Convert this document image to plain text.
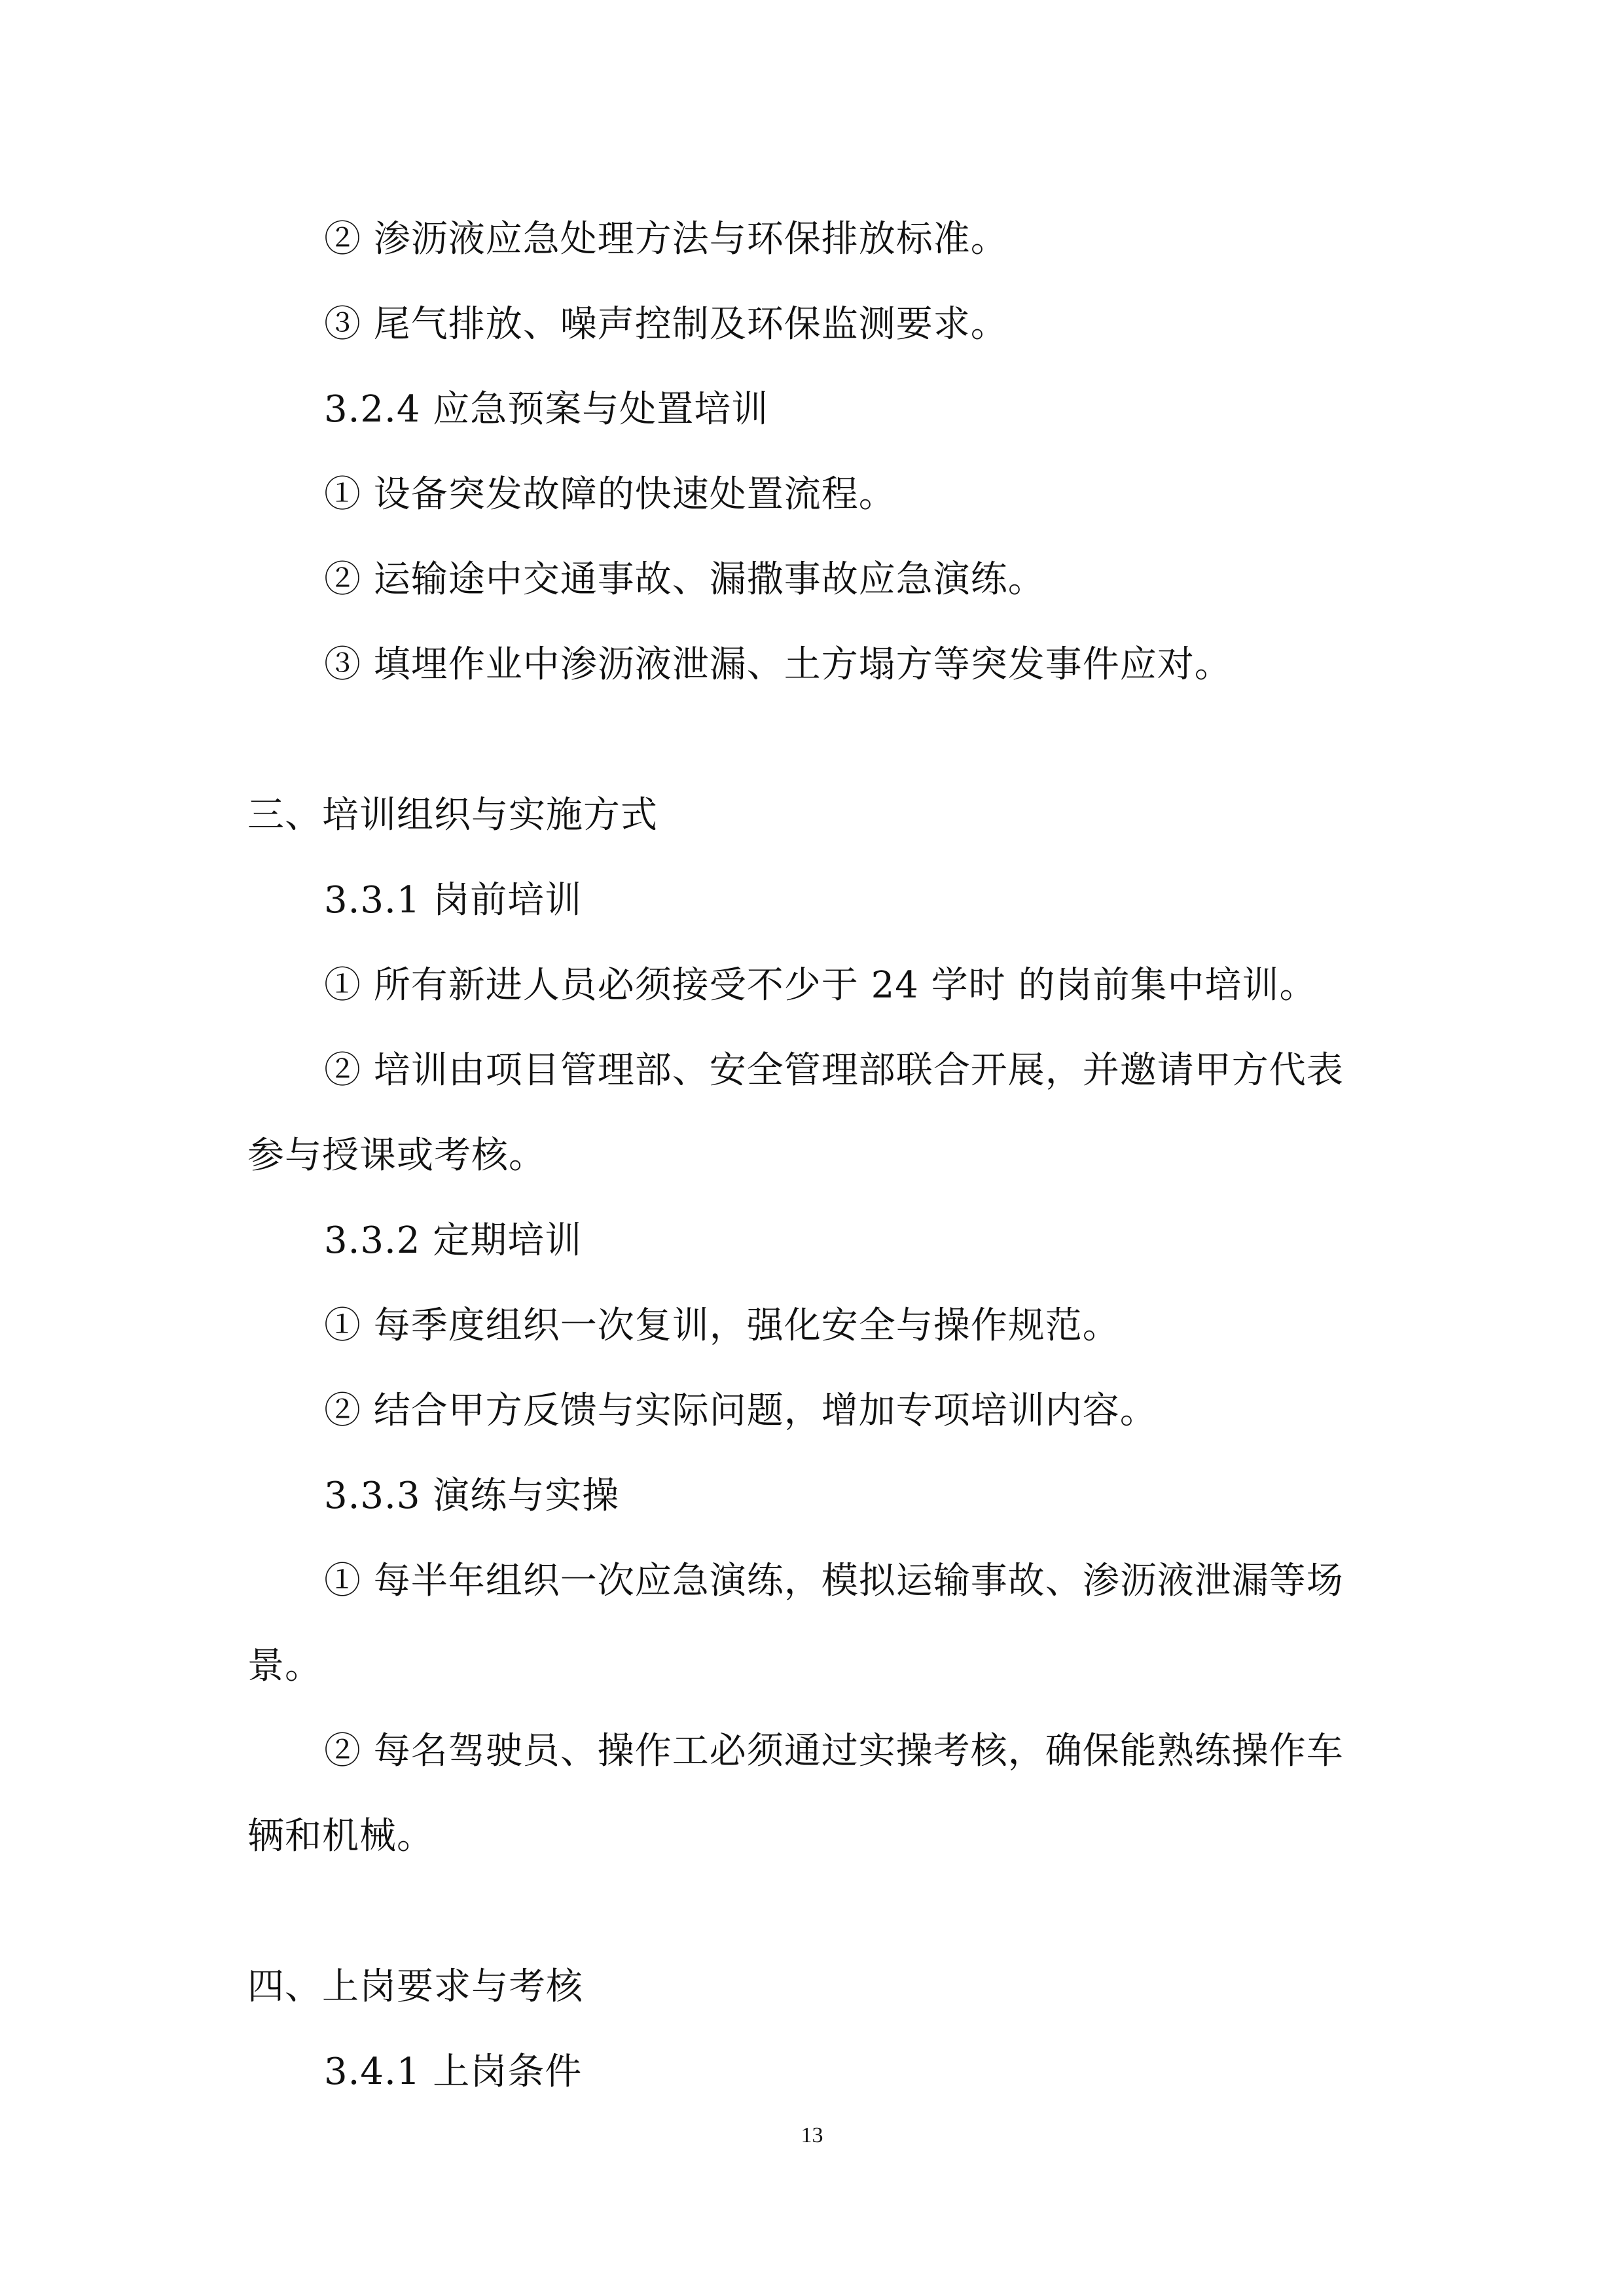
② 渗沥液应急处理方法与环保排放标准。
③ 尾气排放、噪声控制及环保监测要求。
3.2.4 应急预案与处置培训
① 设备突发故障的快速处置流程。
② 运输途中交通事故、漏撒事故应急演练。
③ 填埋作业中渗沥液泄漏、土方塌方等突发事件应对。
三、培训组织与实施方式
3.3.1 岗前培训
① 所有新进人员必须接受不少于 24 学时 的岗前集中培训。
② 培训由项目管理部、安全管理部联合开展，并邀请甲方代表
参与授课或考核。
3.3.2 定期培训
① 每季度组织一次复训，强化安全与操作规范。
② 结合甲方反馈与实际问题，增加专项培训内容。
3.3.3 演练与实操
① 每半年组织一次应急演练，模拟运输事故、渗沥液泄漏等场
景。
② 每名驾驶员、操作工必须通过实操考核，确保能熟练操作车
辆和机械。
四、上岗要求与考核
3.4.1 上岗条件
13
